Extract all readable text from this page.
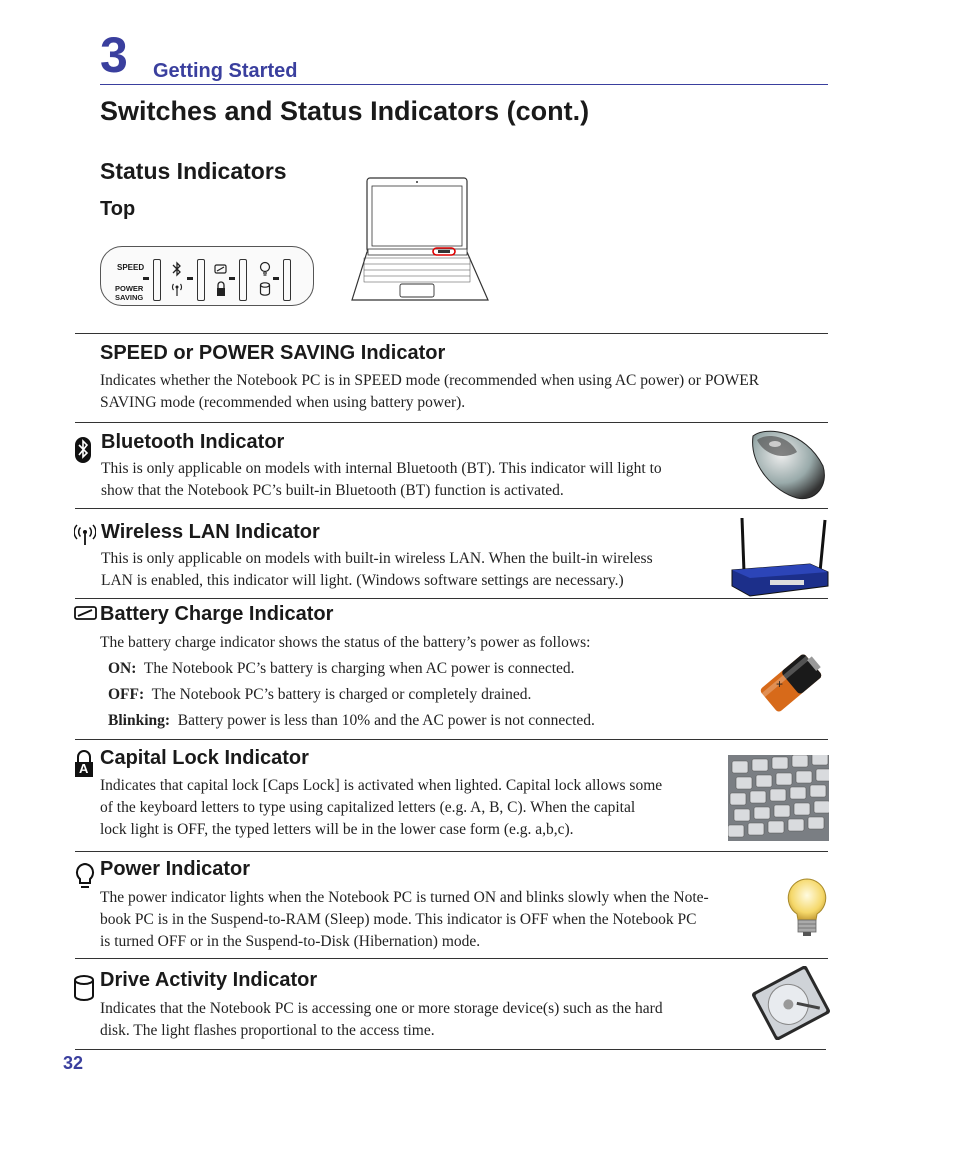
3 Getting Started
Switches and Status Indicators (cont.)
Status Indicators
Top
SPEED
POWER
SAVING
SPEED or POWER SAVING Indicator
Indicates whether the Notebook PC is in SPEED mode (recommended when using AC power) or POWER
SAVING mode (recommended when using battery power).
Bluetooth Indicator
This is only applicable on models with internal Bluetooth (BT). This indicator will light to
show that the Notebook PC’s built-in Bluetooth (BT) function is activated.
Wireless LAN Indicator
This is only applicable on models with built-in wireless LAN. When the built-in wireless
LAN is enabled, this indicator will light. (Windows software settings are necessary.)
Battery Charge Indicator
The battery charge indicator shows the status of the battery’s power as follows:
ON: The Notebook PC’s battery is charging when AC power is connected.
OFF: The Notebook PC’s battery is charged or completely drained.
Blinking: Battery power is less than 10% and the AC power is not connected.
+
A Capital Lock Indicator
Indicates that capital lock [Caps Lock] is activated when lighted. Capital lock allows some
of the keyboard letters to type using capitalized letters (e.g. A, B, C). When the capital
lock light is OFF, the typed letters will be in the lower case form (e.g. a,b,c).
Power Indicator
The power indicator lights when the Notebook PC is turned ON and blinks slowly when the Note-
book PC is in the Suspend-to-RAM (Sleep) mode. This indicator is OFF when the Notebook PC
is turned OFF or in the Suspend-to-Disk (Hibernation) mode.
Drive Activity Indicator
Indicates that the Notebook PC is accessing one or more storage device(s) such as the hard
disk. The light flashes proportional to the access time.
32
